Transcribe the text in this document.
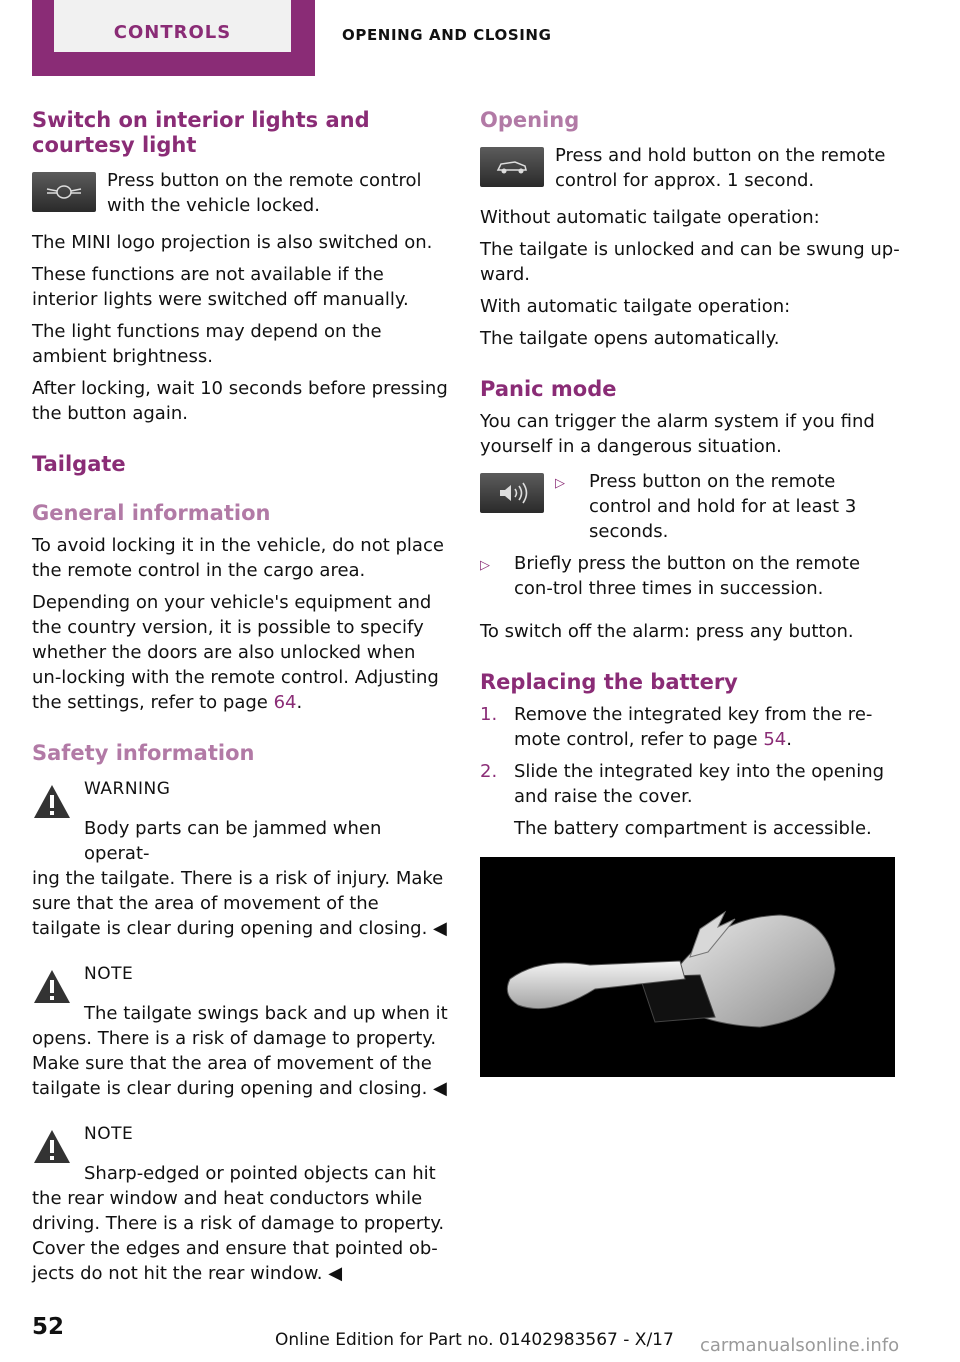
CONTROLS	OPENING AND CLOSING
Switch on interior lights and courtesy light
Press button on the remote control with the vehicle locked.

The MINI logo projection is also switched on.

These functions are not available if the interior lights were switched off manually.

The light functions may depend on the ambient brightness.

After locking, wait 10 seconds before pressing the button again.

Tailgate
General information

To avoid locking it in the vehicle, do not place the remote control in the cargo area.

Depending on your vehicle's equipment and the country version, it is possible to specify whether the doors are also unlocked when un‐locking with the remote control. Adjusting the settings, refer to page 64.

Safety information
WARNING
Body parts can be jammed when operat‐
ing the tailgate. There is a risk of injury. Make sure that the area of movement of the tailgate is clear during opening and closing. ◀
NOTE
The tailgate swings back and up when it
opens. There is a risk of damage to property. Make sure that the area of movement of the tailgate is clear during opening and closing. ◀
NOTE
Sharp-edged or pointed objects can hit
the rear window and heat conductors while driving. There is a risk of damage to property. Cover the edges and ensure that pointed ob‐jects do not hit the rear window. ◀
Opening
Press and hold button on the remote control for approx. 1 second.

Without automatic tailgate operation:

The tailgate is unlocked and can be swung up‐ward.

With automatic tailgate operation:

The tailgate opens automatically.

Panic mode

You can trigger the alarm system if you find yourself in a dangerous situation.

▷	Press button on the remote control and hold for at least 3 seconds.
▷	Briefly press the button on the remote con‐trol three times in succession.

To switch off the alarm: press any button.

Replacing the battery
1. Remove the integrated key from the re‐mote control, refer to page 54.
2. Slide the integrated key into the opening and raise the cover.

The battery compartment is accessible.

52	Online Edition for Part no. 01402983567 - X/17 carmanualsonline.info
